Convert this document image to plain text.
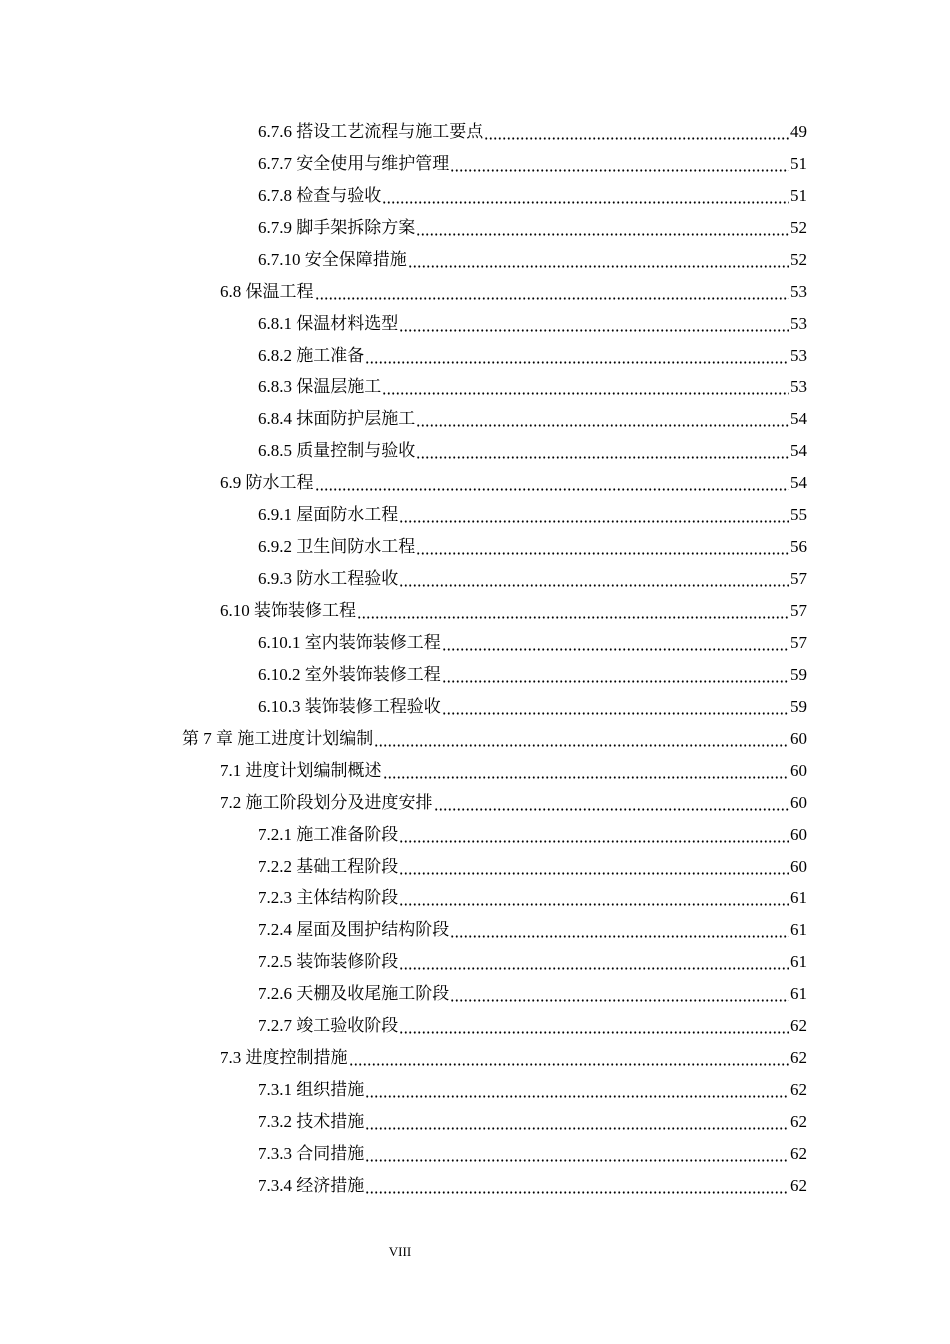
6.7.6 搭设工艺流程与施工要点	49
6.7.7 安全使用与维护管理	51
6.7.8 检查与验收	51
6.7.9 脚手架拆除方案	52
6.7.10 安全保障措施	52
6.8 保温工程	53
6.8.1 保温材料选型	53
6.8.2 施工准备	53
6.8.3 保温层施工	53
6.8.4 抹面防护层施工	54
6.8.5 质量控制与验收	54
6.9 防水工程	54
6.9.1 屋面防水工程	55
6.9.2 卫生间防水工程	56
6.9.3 防水工程验收	57
6.10 装饰装修工程	57
6.10.1 室内装饰装修工程	57
6.10.2 室外装饰装修工程	59
6.10.3 装饰装修工程验收	59
第 7 章 施工进度计划编制	60
7.1 进度计划编制概述	60
7.2 施工阶段划分及进度安排	60
7.2.1 施工准备阶段	60
7.2.2 基础工程阶段	60
7.2.3 主体结构阶段	61
7.2.4 屋面及围护结构阶段	61
7.2.5 装饰装修阶段	61
7.2.6 天棚及收尾施工阶段	61
7.2.7 竣工验收阶段	62
7.3 进度控制措施	62
7.3.1 组织措施	62
7.3.2 技术措施	62
7.3.3 合同措施	62
7.3.4 经济措施	62
VIII
